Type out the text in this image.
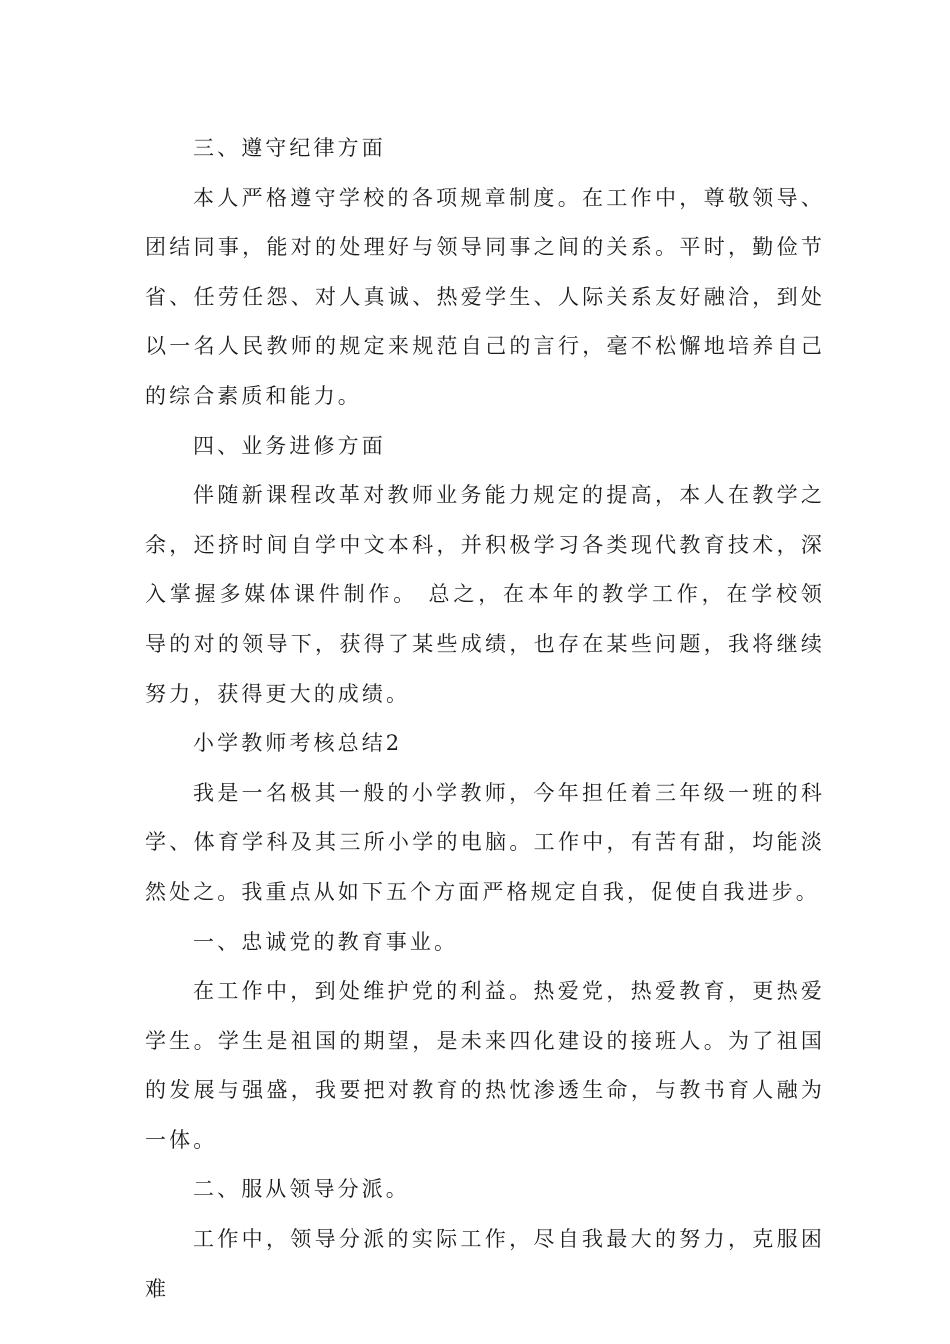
三、遵守纪律方面

本人严格遵守学校的各项规章制度。在工作中，尊敬领导、团结同事，能对的处理好与领导同事之间的关系。平时，勤俭节省、任劳任怨、对人真诚、热爱学生、人际关系友好融洽，到处以一名人民教师的规定来规范自己的言行，毫不松懈地培养自己的综合素质和能力。

四、业务进修方面

伴随新课程改革对教师业务能力规定的提高，本人在教学之余，还挤时间自学中文本科，并积极学习各类现代教育技术，深入掌握多媒体课件制作。 总之，在本年的教学工作，在学校领导的对的领导下，获得了某些成绩，也存在某些问题，我将继续努力，获得更大的成绩。

小学教师考核总结2

我是一名极其一般的小学教师，今年担任着三年级一班的科学、体育学科及其三所小学的电脑。工作中，有苦有甜，均能淡然处之。我重点从如下五个方面严格规定自我，促使自我进步。

一、忠诚党的教育事业。

在工作中，到处维护党的利益。热爱党，热爱教育，更热爱学生。学生是祖国的期望，是未来四化建设的接班人。为了祖国的发展与强盛，我要把对教育的热忱渗透生命，与教书育人融为一体。

二、服从领导分派。

工作中，领导分派的实际工作，尽自我最大的努力，克服困难
